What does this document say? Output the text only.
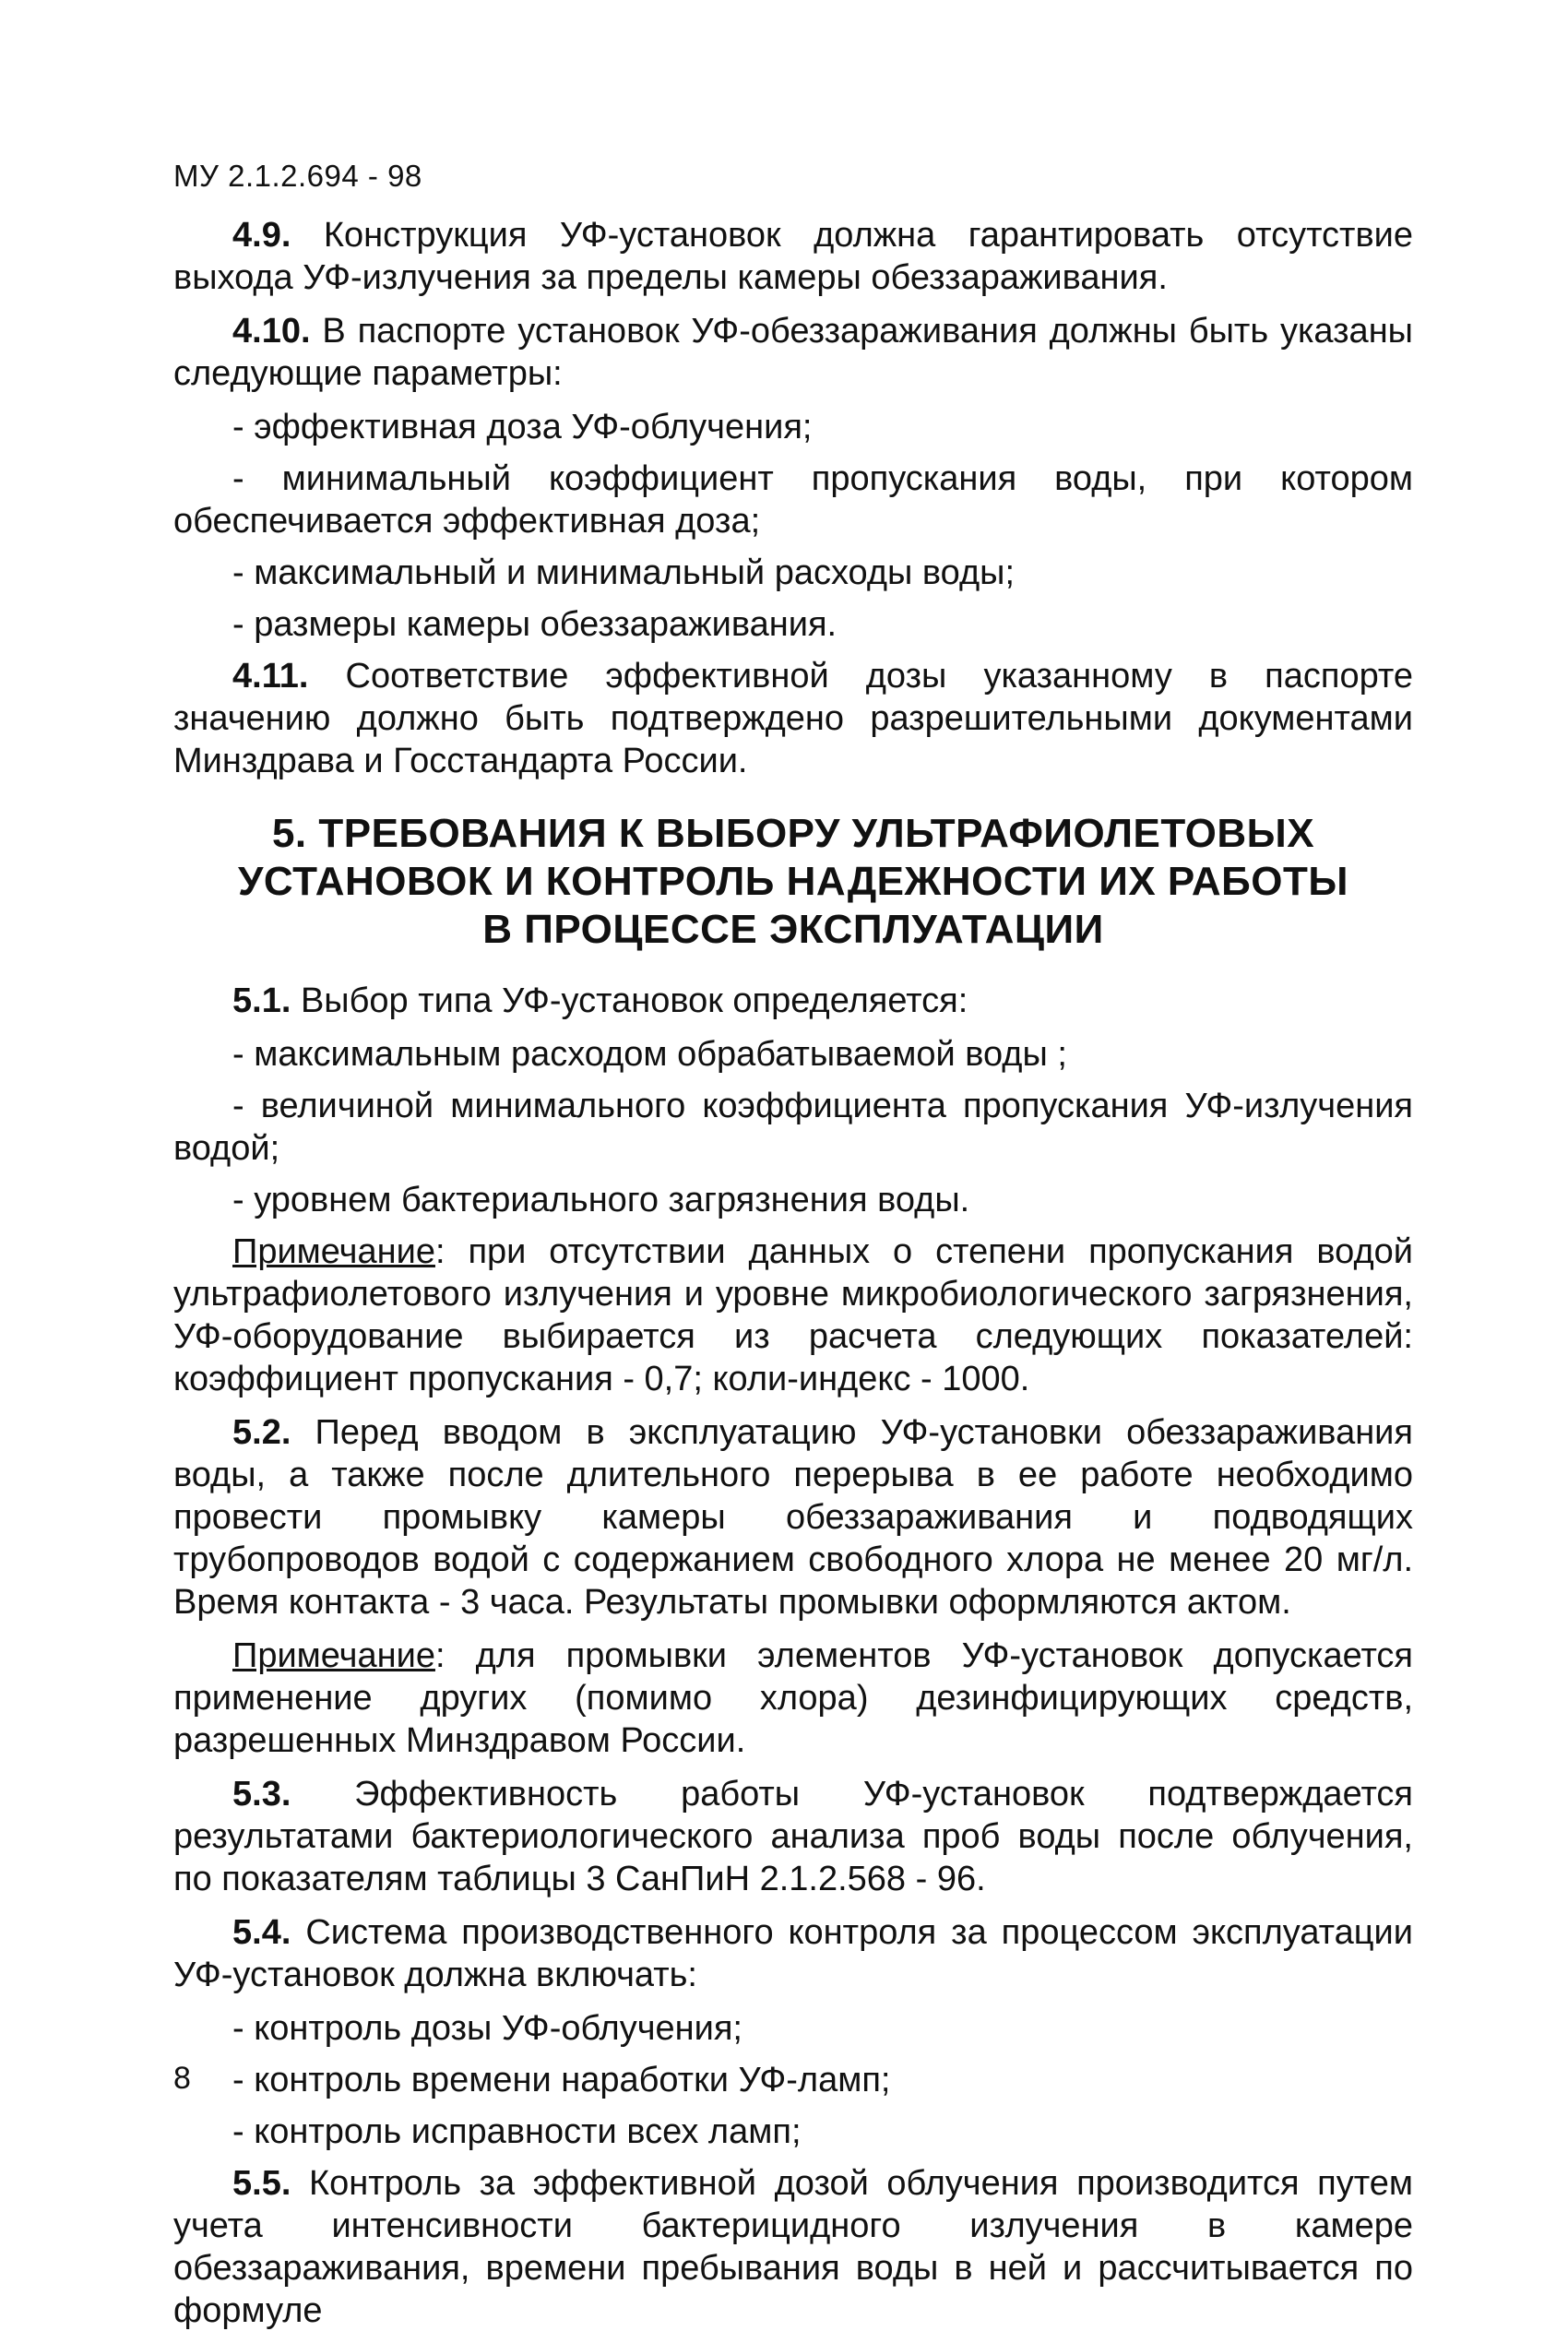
МУ 2.1.2.694 - 98

4.9. Конструкция УФ-установок должна гарантировать отсутствие выхода УФ-излучения за пределы камеры обеззараживания.

4.10. В паспорте установок УФ-обеззараживания должны быть указаны следующие параметры:

- эффективная доза УФ-облучения;

- минимальный коэффициент пропускания воды, при котором обеспечивается эффективная доза;

- максимальный и минимальный расходы воды;

- размеры камеры обеззараживания.

4.11. Соответствие эффективной дозы указанному в паспорте значению должно быть подтверждено разрешительными документами Минздрава и Госстандарта России.

5. ТРЕБОВАНИЯ К ВЫБОРУ УЛЬТРАФИОЛЕТОВЫХ
УСТАНОВОК И КОНТРОЛЬ НАДЕЖНОСТИ ИХ РАБОТЫ
В ПРОЦЕССЕ ЭКСПЛУАТАЦИИ

5.1. Выбор типа УФ-установок определяется:

- максимальным расходом обрабатываемой воды ;

- величиной минимального коэффициента пропускания УФ-излучения водой;

- уровнем бактериального загрязнения воды.

Примечание: при отсутствии данных о степени пропускания водой ультрафиолетового излучения и уровне микробиологического загрязнения, УФ-оборудование выбирается из расчета следующих показателей: коэффициент пропускания - 0,7; коли-индекс - 1000.

5.2. Перед вводом в эксплуатацию УФ-установки обеззараживания воды, а также после длительного перерыва в ее работе необходимо провести промывку камеры обеззараживания и подводящих трубопроводов водой с содержанием свободного хлора не менее 20 мг/л. Время контакта - 3 часа. Результаты промывки оформляются актом.

Примечание: для промывки элементов УФ-установок допускается применение других (помимо хлора) дезинфицирующих средств, разрешенных Минздравом России.

5.3. Эффективность работы УФ-установок подтверждается результатами бактериологического анализа проб воды после облучения, по показателям таблицы 3 СанПиН 2.1.2.568 - 96.

5.4. Система производственного контроля за процессом эксплуатации УФ-установок должна включать:

- контроль дозы УФ-облучения;

- контроль времени наработки УФ-ламп;

- контроль исправности всех ламп;

5.5. Контроль за эффективной дозой облучения производится путем учета интенсивности бактерицидного излучения в камере обеззараживания, времени пребывания воды в ней и рассчитывается по формуле

8
